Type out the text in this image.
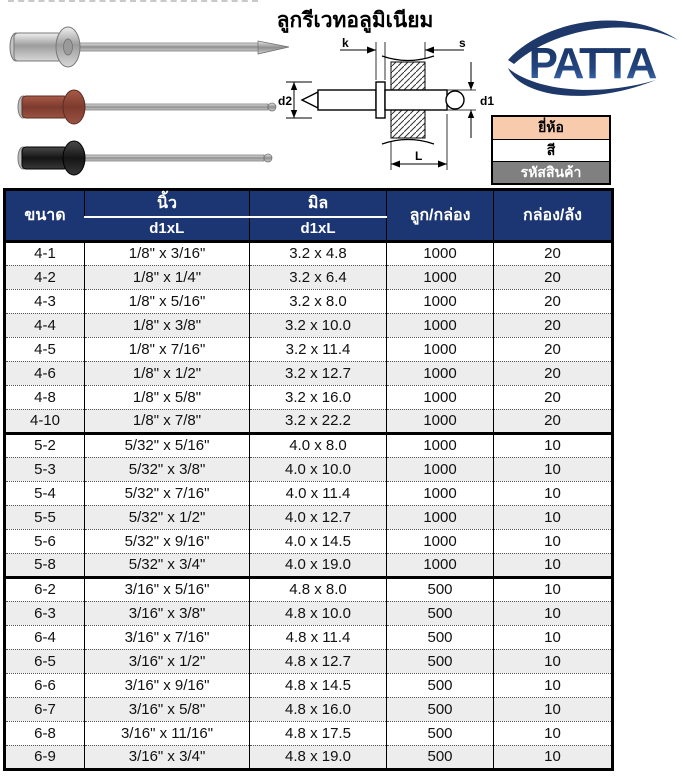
ลูกรีเวทอลูมิเนียม
d2
k	s
d1
L
PATTA
ยี่ห้อ
สี
รหัสสินค้า
ขนาด	นิ้ว	มิล	ลูก/กล่อง	กล่อง/ลัง
	d1xL	d1xL		
4-1	1/8" x 3/16"	3.2 x 4.8	1000	20
4-2	1/8" x 1/4"	3.2 x 6.4	1000	20
4-3	1/8" x 5/16"	3.2 x 8.0	1000	20
4-4	1/8" x 3/8"	3.2 x 10.0	1000	20
4-5	1/8" x 7/16"	3.2 x 11.4	1000	20
4-6	1/8" x 1/2"	3.2 x 12.7	1000	20
4-8	1/8" x 5/8"	3.2 x 16.0	1000	20
4-10	1/8" x 7/8"	3.2 x 22.2	1000	20
5-2	5/32" x 5/16"	4.0 x 8.0	1000	10
5-3	5/32" x 3/8"	4.0 x 10.0	1000	10
5-4	5/32" x 7/16"	4.0 x 11.4	1000	10
5-5	5/32" x 1/2"	4.0 x 12.7	1000	10
5-6	5/32" x 9/16"	4.0 x 14.5	1000	10
5-8	5/32" x 3/4"	4.0 x 19.0	1000	10
6-2	3/16" x 5/16"	4.8 x 8.0	500	10
6-3	3/16" x 3/8"	4.8 x 10.0	500	10
6-4	3/16" x 7/16"	4.8 x 11.4	500	10
6-5	3/16" x 1/2"	4.8 x 12.7	500	10
6-6	3/16" x 9/16"	4.8 x 14.5	500	10
6-7	3/16" x 5/8"	4.8 x 16.0	500	10
6-8	3/16" x 11/16"	4.8 x 17.5	500	10
6-9	3/16" x 3/4"	4.8 x 19.0	500	10
